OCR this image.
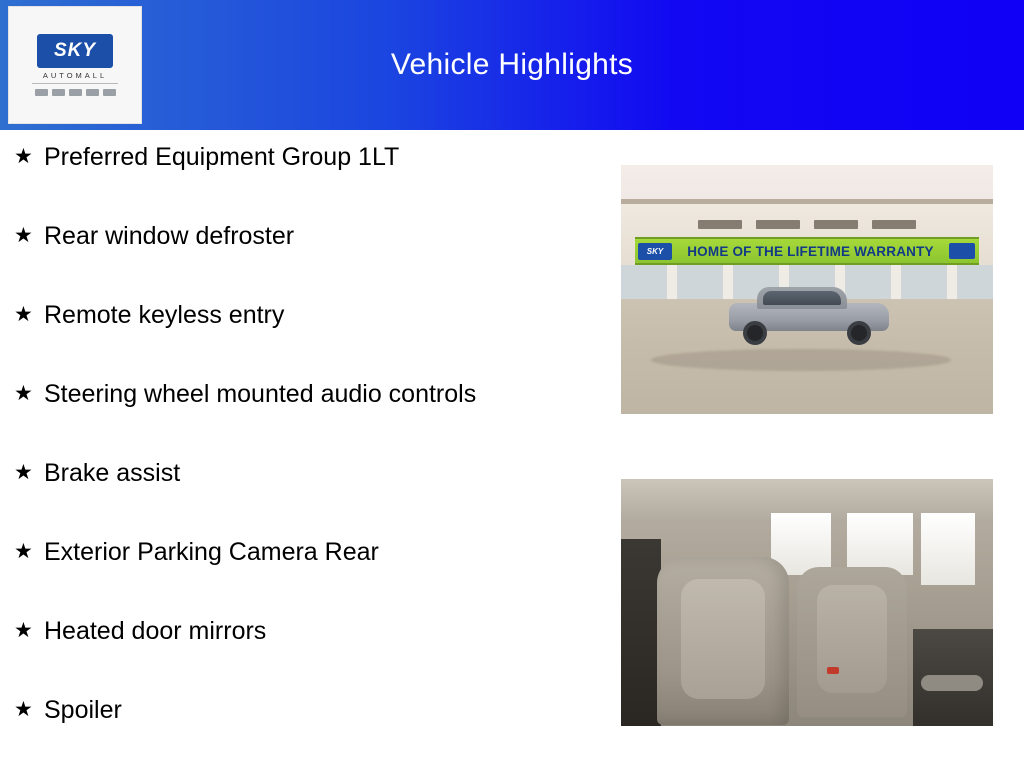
Vehicle Highlights
SKY
AUTOMALL
★ Preferred Equipment Group 1LT
★ Rear window defroster
★ Remote keyless entry
★ Steering wheel mounted audio controls
★ Brake assist
★ Exterior Parking Camera Rear
★ Heated door mirrors
★ Spoiler
SKY	HOME OF THE LIFETIME WARRANTY
